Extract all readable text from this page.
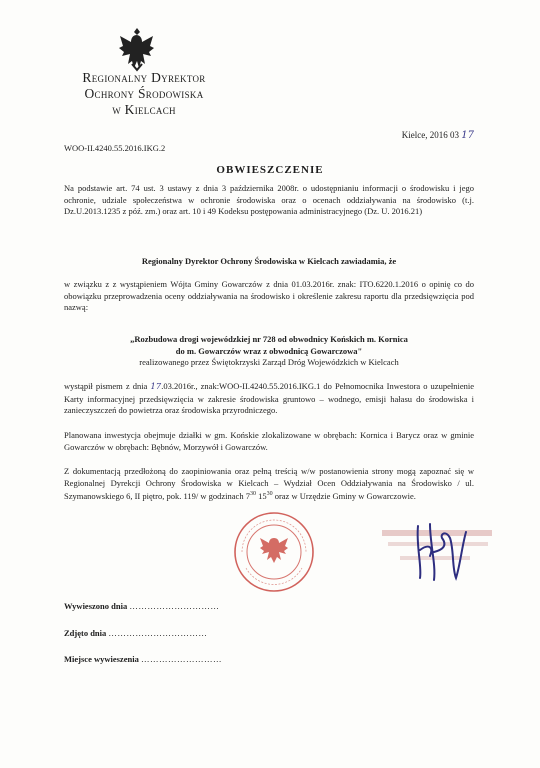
Regionalny Dyrektor
Ochrony Środowiska
w Kielcach
Kielce, 2016 03 17
WOO-II.4240.55.2016.IKG.2
OBWIESZCZENIE
Na podstawie art. 74 ust. 3 ustawy z dnia 3 października 2008r. o udostępnianiu informacji o środowisku i jego ochronie, udziale społeczeństwa w ochronie środowiska oraz o ocenach oddziaływania na środowisko (t.j. Dz.U.2013.1235 z póź. zm.) oraz art. 10 i 49 Kodeksu postępowania administracyjnego (Dz. U. 2016.21)
Regionalny Dyrektor Ochrony Środowiska w Kielcach zawiadamia, że
w związku z z wystąpieniem Wójta Gminy Gowarczów z dnia 01.03.2016r. znak: ITO.6220.1.2016 o opinię co do obowiązku przeprowadzenia oceny oddziaływania na środowisko i określenie zakresu raportu dla przedsięwzięcia pod nazwą:
„Rozbudowa drogi wojewódzkiej nr 728 od obwodnicy Końskich m. Kornica
do m. Gowarczów wraz z obwodnicą Gowarczowa"
realizowanego przez Świętokrzyski Zarząd Dróg Wojewódzkich w Kielcach
wystąpił pismem z dnia 17.03.2016r., znak:WOO-II.4240.55.2016.IKG.1 do Pełnomocnika Inwestora o uzupełnienie Karty informacyjnej przedsięwzięcia w zakresie środowiska gruntowo – wodnego, emisji hałasu do środowiska i zanieczyszczeń do powietrza oraz środowiska przyrodniczego.
Planowana inwestycja obejmuje działki w gm. Końskie zlokalizowane w obrębach: Kornica i Barycz oraz w gminie Gowarczów w obrębach: Bębnów, Morzywół i Gowarczów.
Z dokumentacją przedłożoną do zaopiniowania oraz pełną treścią w/w postanowienia strony mogą zapoznać się w Regionalnej Dyrekcji Ochrony Środowiska w Kielcach – Wydział Ocen Oddziaływania na Środowisko / ul. Szymanowskiego 6, II piętro, pok. 119/ w godzinach $7^{30}$ $15^{30}$ oraz w Urzędzie Gminy w Gowarczowie.
Wywieszono dnia …………………………
Zdjęto dnia ……………………………
Miejsce wywieszenia ………………………
